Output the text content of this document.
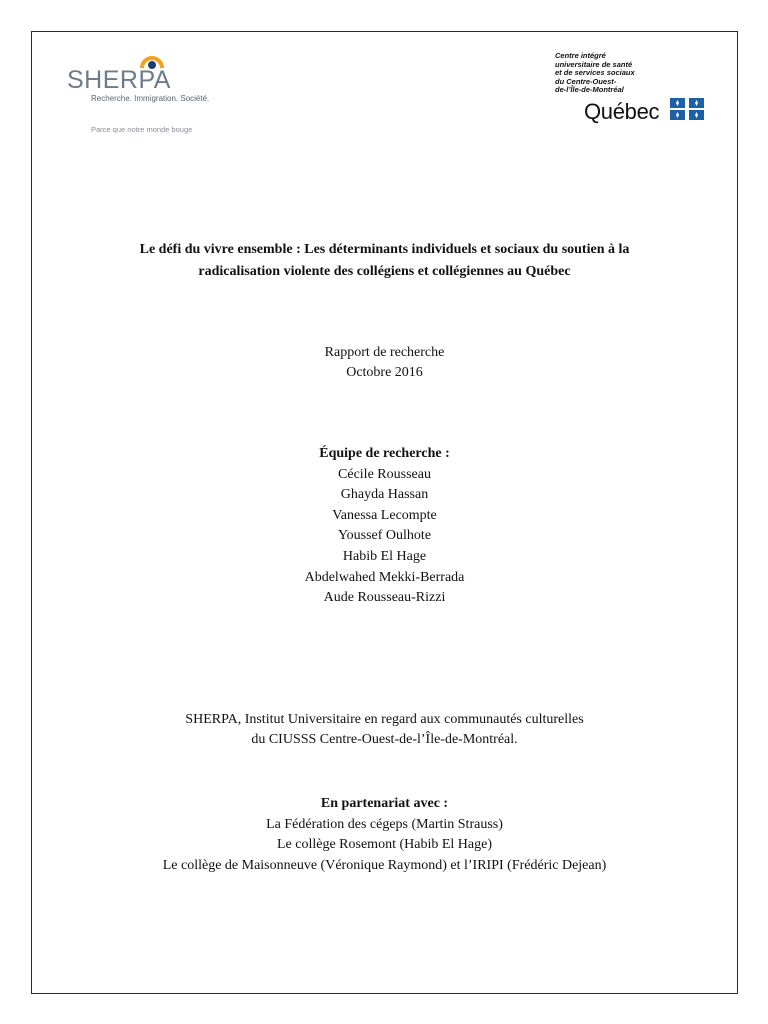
SHERPA
Recherche. Immigration. Société.
Parce que notre monde bouge
Centre intégré
universitaire de santé
et de services sociaux
du Centre-Ouest-
de-l’Île-de-Montréal
Québec
Le défi du vivre ensemble : Les déterminants individuels et sociaux du soutien à la
radicalisation violente des collégiens et collégiennes au Québec
Rapport de recherche
Octobre 2016
Équipe de recherche :
Cécile Rousseau
Ghayda Hassan
Vanessa Lecompte
Youssef Oulhote
Habib El Hage
Abdelwahed Mekki-Berrada
Aude Rousseau-Rizzi
SHERPA, Institut Universitaire en regard aux communautés culturelles
du CIUSSS Centre-Ouest-de-l’Île-de-Montréal.
En partenariat avec :
La Fédération des cégeps (Martin Strauss)
Le collège Rosemont (Habib El Hage)
Le collège de Maisonneuve (Véronique Raymond) et l’IRIPI (Frédéric Dejean)
